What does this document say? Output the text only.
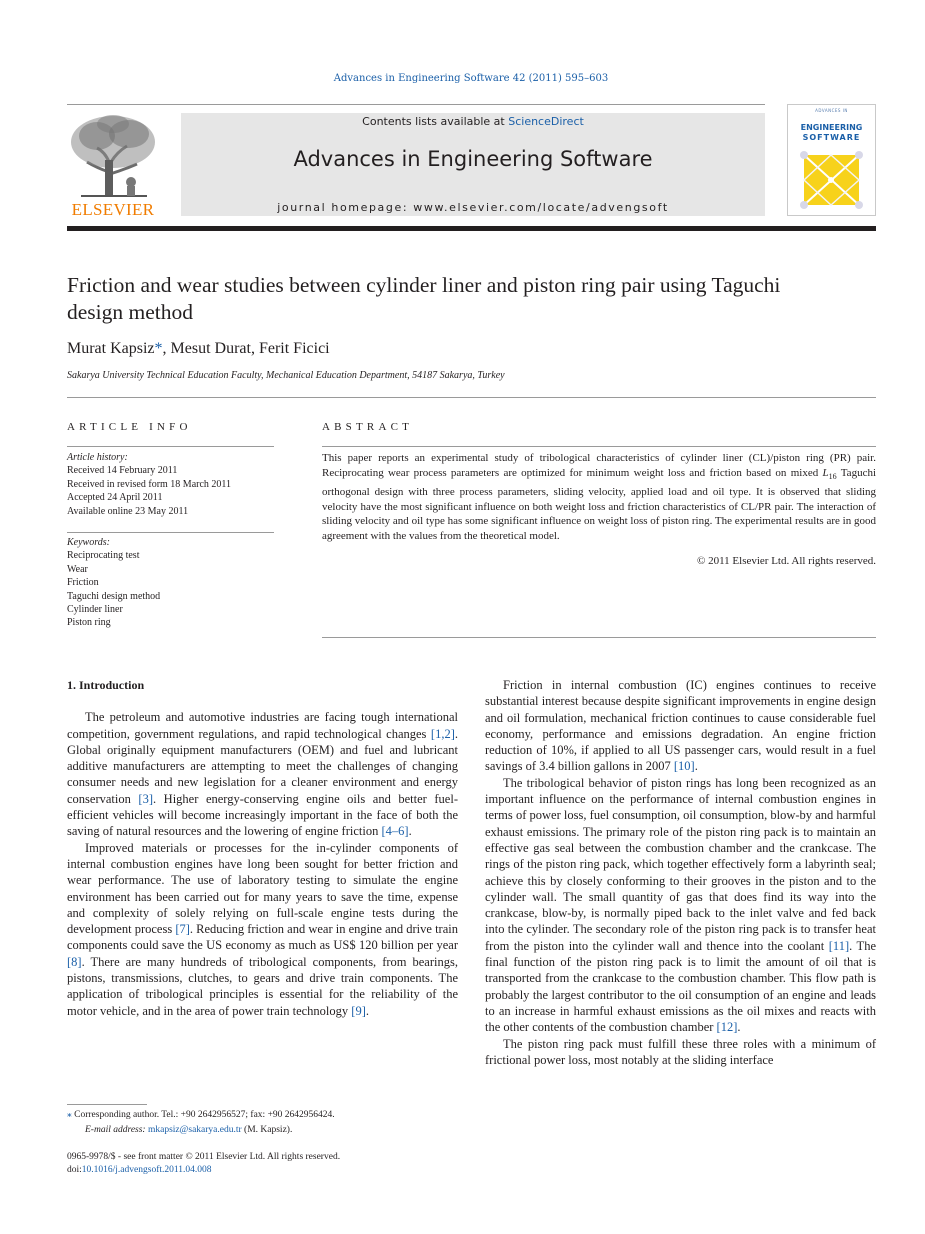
Advances in Engineering Software 42 (2011) 595–603
ELSEVIER
Contents lists available at ScienceDirect
Advances in Engineering Software
journal homepage: www.elsevier.com/locate/advengsoft
ADVANCES IN
ENGINEERING
SOFTWARE
Friction and wear studies between cylinder liner and piston ring pair using Taguchi design method
Murat Kapsiz*, Mesut Durat, Ferit Ficici
Sakarya University Technical Education Faculty, Mechanical Education Department, 54187 Sakarya, Turkey
ARTICLE INFO	ABSTRACT
Article history:
Received 14 February 2011
Received in revised form 18 March 2011
Accepted 24 April 2011
Available online 23 May 2011
Keywords:
Reciprocating test
Wear
Friction
Taguchi design method
Cylinder liner
Piston ring
This paper reports an experimental study of tribological characteristics of cylinder liner (CL)/piston ring (PR) pair. Reciprocating wear process parameters are optimized for minimum weight loss and friction based on mixed $L_{16}$ Taguchi orthogonal design with three process parameters, sliding velocity, applied load and oil type. It is observed that sliding velocity have the most significant influence on both weight loss and friction characteristics of CL/PR pair. The interaction of sliding velocity and oil type has some significant influence on weight loss of piston ring. The experimental results are in good agreement with the values from the theoretical model.
© 2011 Elsevier Ltd. All rights reserved.

1. Introduction

The petroleum and automotive industries are facing tough international competition, government regulations, and rapid technological changes [1,2]. Global originally equipment manufacturers (OEM) and fuel and lubricant additive manufacturers are attempting to meet the challenges of changing consumer needs and new legislation for a cleaner environment and energy conservation [3]. Higher energy-conserving engine oils and better fuel-efficient vehicles will become increasingly important in the face of both the saving of natural resources and the lowering of engine friction [4–6].

Improved materials or processes for the in-cylinder components of internal combustion engines have long been sought for better friction and wear performance. The use of laboratory testing to simulate the engine environment has been carried out for many years to save the time, expense and complexity of solely relying on full-scale engine tests during the development process [7]. Reducing friction and wear in engine and drive train components could save the US economy as much as US$ 120 billion per year [8]. There are many hundreds of tribological components, from bearings, pistons, transmissions, clutches, to gears and drive train components. The application of tribological principles is essential for the reliability of the motor vehicle, and in the area of power train technology [9].

Friction in internal combustion (IC) engines continues to receive substantial interest because despite significant improvements in engine design and oil formulation, mechanical friction continues to cause considerable fuel economy, performance and emissions degradation. An engine friction reduction of 10%, if applied to all US passenger cars, would result in a fuel savings of 3.4 billion gallons in 2007 [10].

The tribological behavior of piston rings has long been recognized as an important influence on the performance of internal combustion engines in terms of power loss, fuel consumption, oil consumption, blow-by and harmful exhaust emissions. The primary role of the piston ring pack is to maintain an effective gas seal between the combustion chamber and the crankcase. The rings of the piston ring pack, which together effectively form a labyrinth seal; achieve this by closely conforming to their grooves in the piston and to the cylinder wall. The small quantity of gas that does find its way into the crankcase, blow-by, is normally piped back to the inlet valve and fed back into the cylinder. The secondary role of the piston ring pack is to transfer heat from the piston into the cylinder wall and thence into the coolant [11]. The final function of the piston ring pack is to limit the amount of oil that is transported from the crankcase to the combustion chamber. This flow path is probably the largest contributor to the oil consumption of an engine and leads to an increase in harmful exhaust emissions as the oil mixes and reacts with the other contents of the combustion chamber [12].

The piston ring pack must fulfill these three roles with a minimum of frictional power loss, most notably at the sliding interface

⁎ Corresponding author. Tel.: +90 2642956527; fax: +90 2642956424.
E-mail address: mkapsiz@sakarya.edu.tr (M. Kapsiz).
0965-9978/$ - see front matter © 2011 Elsevier Ltd. All rights reserved.
doi:10.1016/j.advengsoft.2011.04.008
